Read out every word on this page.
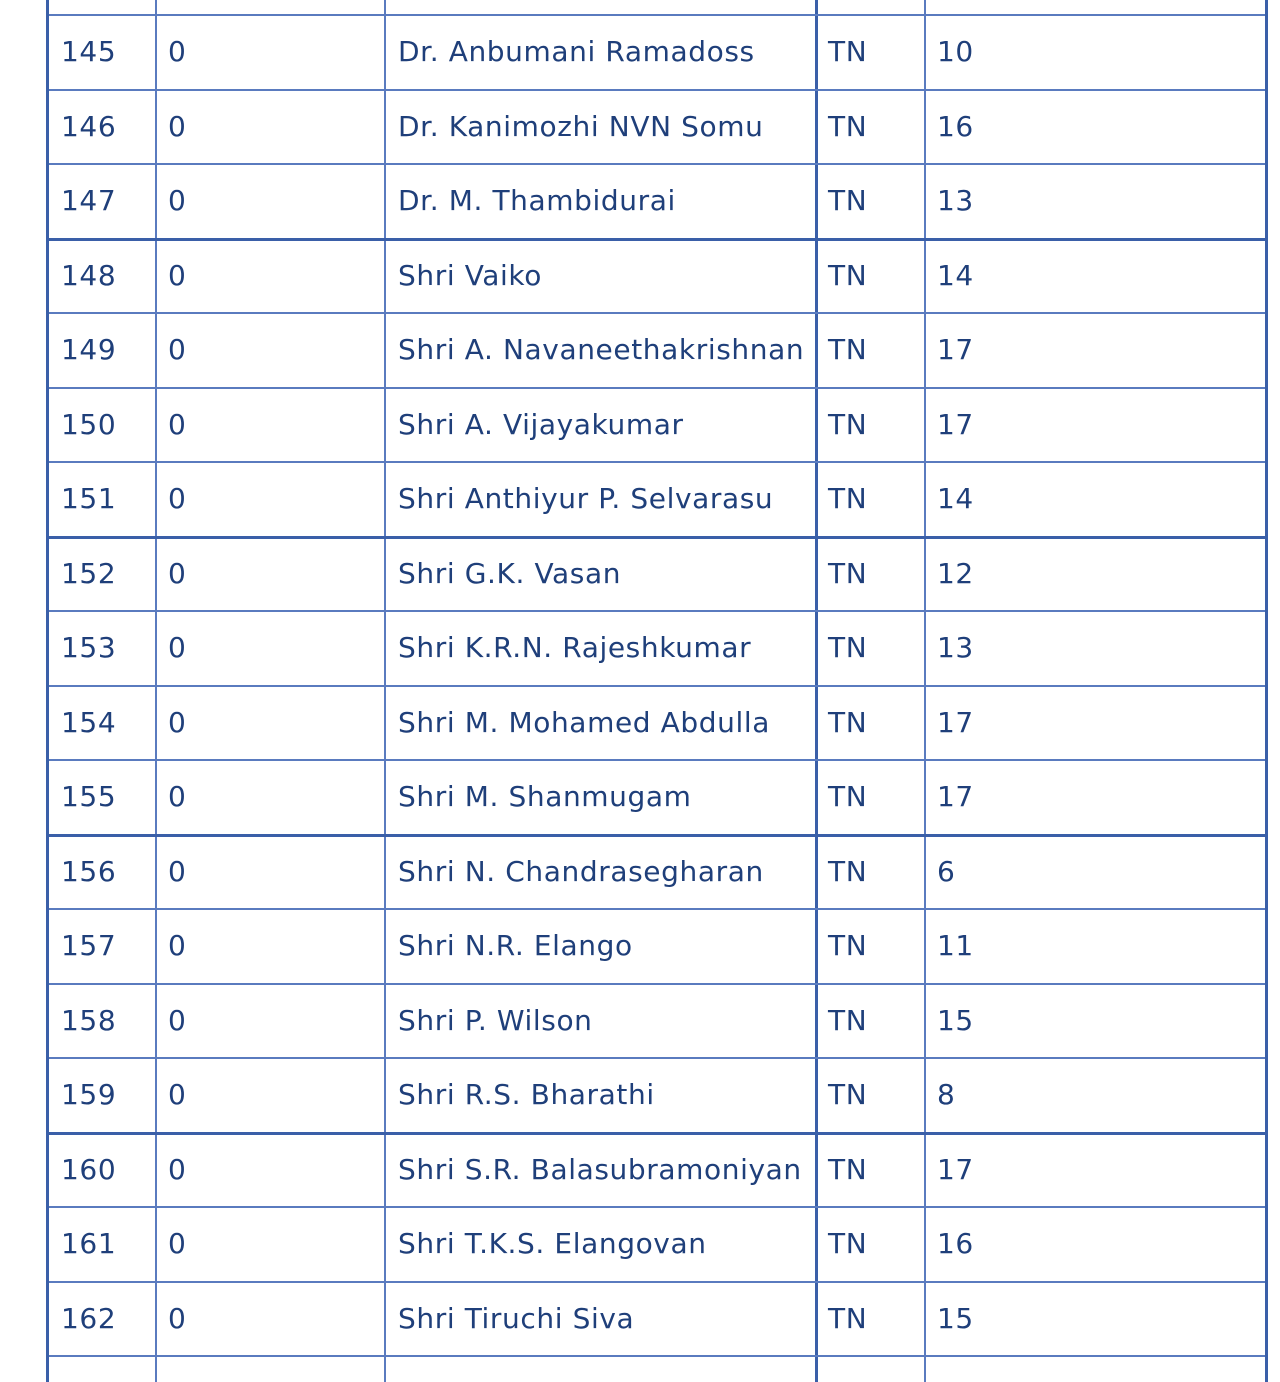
145 0	Dr. Anbumani Ramadoss	TN 10
146 0	Dr. Kanimozhi NVN Somu TN 16
147 0	Dr. M. Thambidurai	TN 13
148 0	Shri Vaiko	TN 14
149 0	Shri A. Navaneethakrishnan TN 17
150 0	Shri A. Vijayakumar	TN 17
151 0	Shri Anthiyur P. Selvarasu TN 14
152 0	Shri G.K. Vasan	TN 12
153 0	Shri K.R.N. Rajeshkumar	TN 13
154 0	Shri M. Mohamed Abdulla TN 17
155 0	Shri M. Shanmugam	TN 17
156 0	Shri N. Chandrasegharan TN 6
157 0	Shri N.R. Elango	TN 11
158 0	Shri P. Wilson	TN 15
159 0	Shri R.S. Bharathi	TN 8
160 0	Shri S.R. Balasubramoniyan TN 17
161 0	Shri T.K.S. Elangovan	TN 16
162 0	Shri Tiruchi Siva	TN 15
